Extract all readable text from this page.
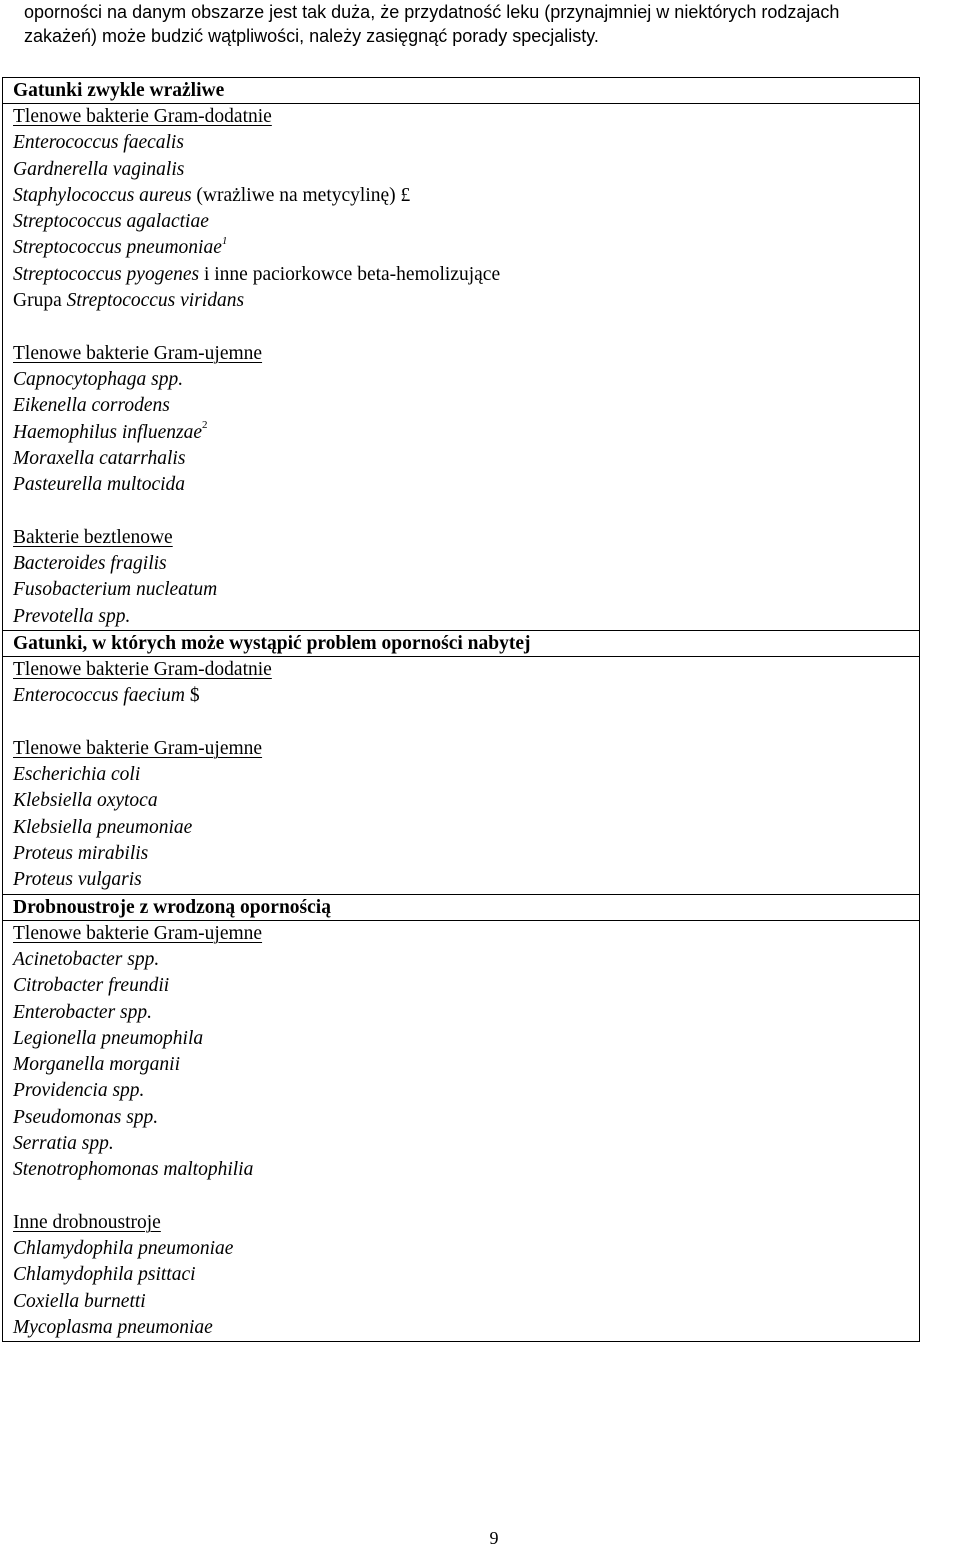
oporności na danym obszarze jest tak duża, że przydatność leku (przynajmniej w niektórych rodzajach
zakażeń) może budzić wątpliwości, należy zasięgnąć porady specjalisty.
Gatunki zwykle wrażliwe
Tlenowe bakterie Gram-dodatnie
Enterococcus faecalis
Gardnerella vaginalis
Staphylococcus aureus (wrażliwe na metycylinę) £
Streptococcus agalactiae
Streptococcus pneumoniae$^1$
Streptococcus pyogenes i inne paciorkowce beta-hemolizujące
Grupa Streptococcus viridans
Tlenowe bakterie Gram-ujemne
Capnocytophaga spp.
Eikenella corrodens
Haemophilus influenzae$^2$
Moraxella catarrhalis
Pasteurella multocida
Bakterie beztlenowe
Bacteroides fragilis
Fusobacterium nucleatum
Prevotella spp.
Gatunki, w których może wystąpić problem oporności nabytej
Tlenowe bakterie Gram-dodatnie
Enterococcus faecium $
Tlenowe bakterie Gram-ujemne
Escherichia coli
Klebsiella oxytoca
Klebsiella pneumoniae
Proteus mirabilis
Proteus vulgaris
Drobnoustroje z wrodzoną opornością
Tlenowe bakterie Gram-ujemne
Acinetobacter spp.
Citrobacter freundii
Enterobacter spp.
Legionella pneumophila
Morganella morganii
Providencia spp.
Pseudomonas spp.
Serratia spp.
Stenotrophomonas maltophilia
Inne drobnoustroje
Chlamydophila pneumoniae
Chlamydophila psittaci
Coxiella burnetti
Mycoplasma pneumoniae
9
